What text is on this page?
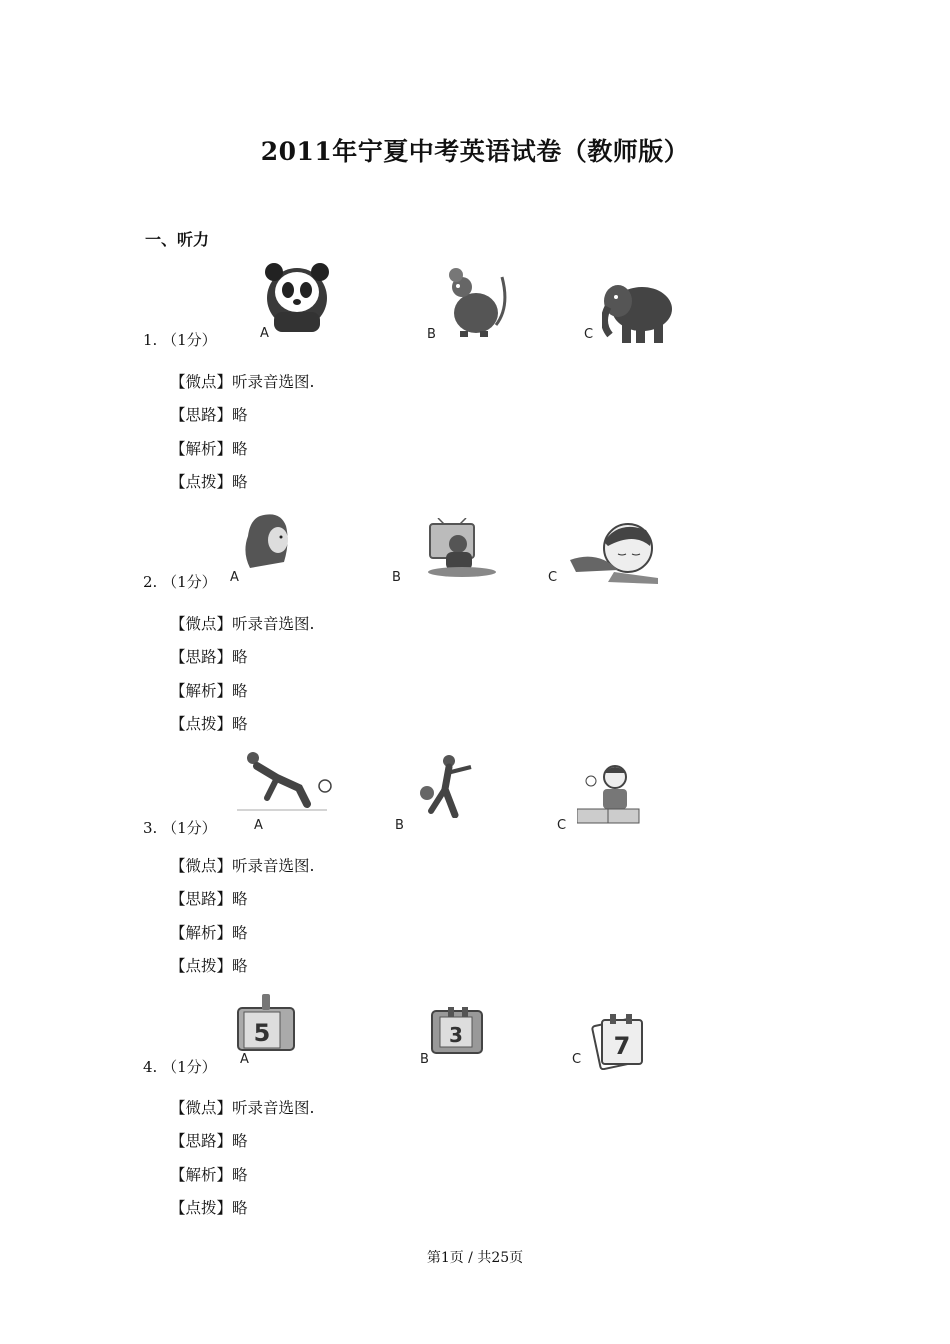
2011年宁夏中考英语试卷（教师版）
一、听力
1. （1分）	A	B	C
【微点】听录音选图.
【思路】略
【解析】略
【点拨】略
2. （1分） A	B	C
【微点】听录音选图.
【思路】略
【解析】略
【点拨】略
3. （1分）	A	B	C
【微点】听录音选图.
【思路】略
【解析】略
【点拨】略
4. （1分）
5
A
3
B	7
C
【微点】听录音选图.
【思路】略
【解析】略
【点拨】略
第1页 / 共25页
